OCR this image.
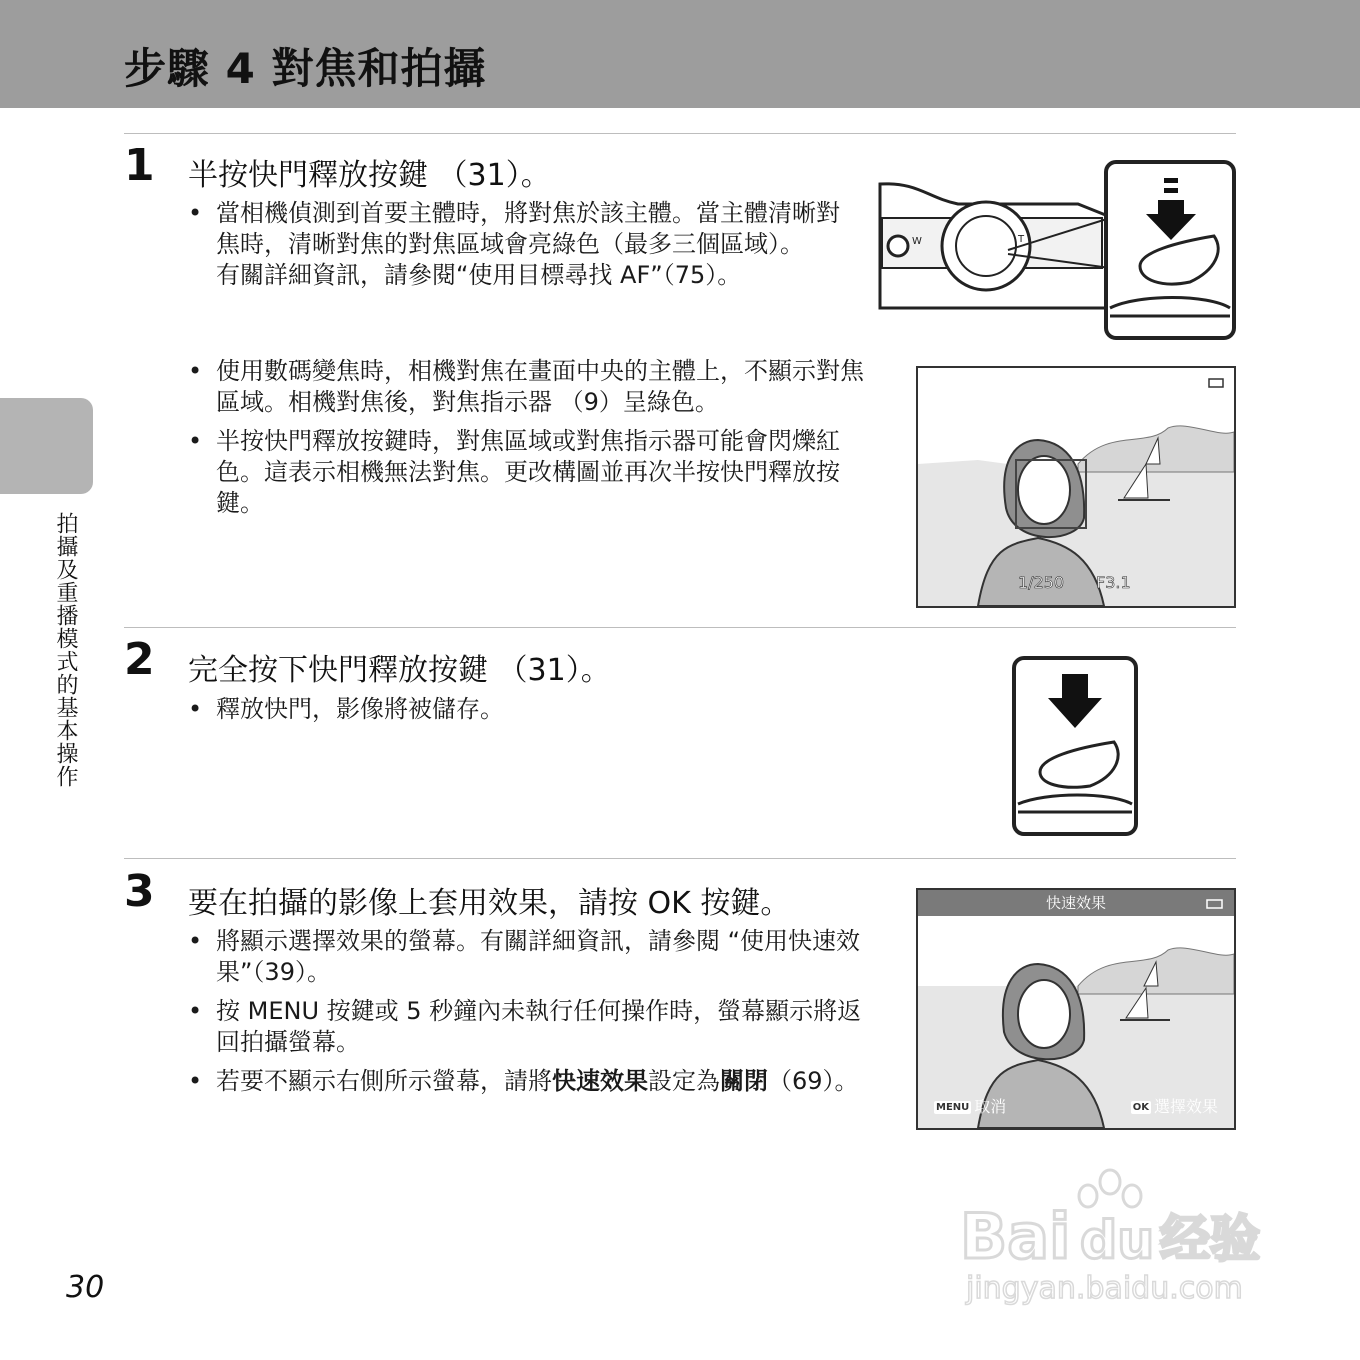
步驟 4 對焦和拍攝
拍攝及重播模式的基本操作
1 半按快門釋放按鍵 （31）。
• 當相機偵測到首要主體時，將對焦於該主體。當主體清晰對焦時，清晰對焦的對焦區域會亮綠色（最多三個區域）。
有關詳細資訊，請參閱“使用目標尋找 AF”（75）。
• 使用數碼變焦時，相機對焦在畫面中央的主體上，不顯示對焦區域。相機對焦後，對焦指示器 （9）呈綠色。
• 半按快門釋放按鍵時，對焦區域或對焦指示器可能會閃爍紅色。這表示相機無法對焦。更改構圖並再次半按快門釋放按鍵。
W	T
1/250 F3.1
2 完全按下快門釋放按鍵 （31）。
• 釋放快門，影像將被儲存。
3 要在拍攝的影像上套用效果，請按 OK 按鍵。
• 將顯示選擇效果的螢幕。有關詳細資訊，請參閱 “使用快速效果”（39）。
• 按 MENU 按鍵或 5 秒鐘內未執行任何操作時，螢幕顯示將返回拍攝螢幕。
• 若要不顯示右側所示螢幕，請將快速效果設定為關閉（69）。
快速效果
MENU 取消	OK 選擇效果
30
Bai du 经验
jingyan.baidu.com
